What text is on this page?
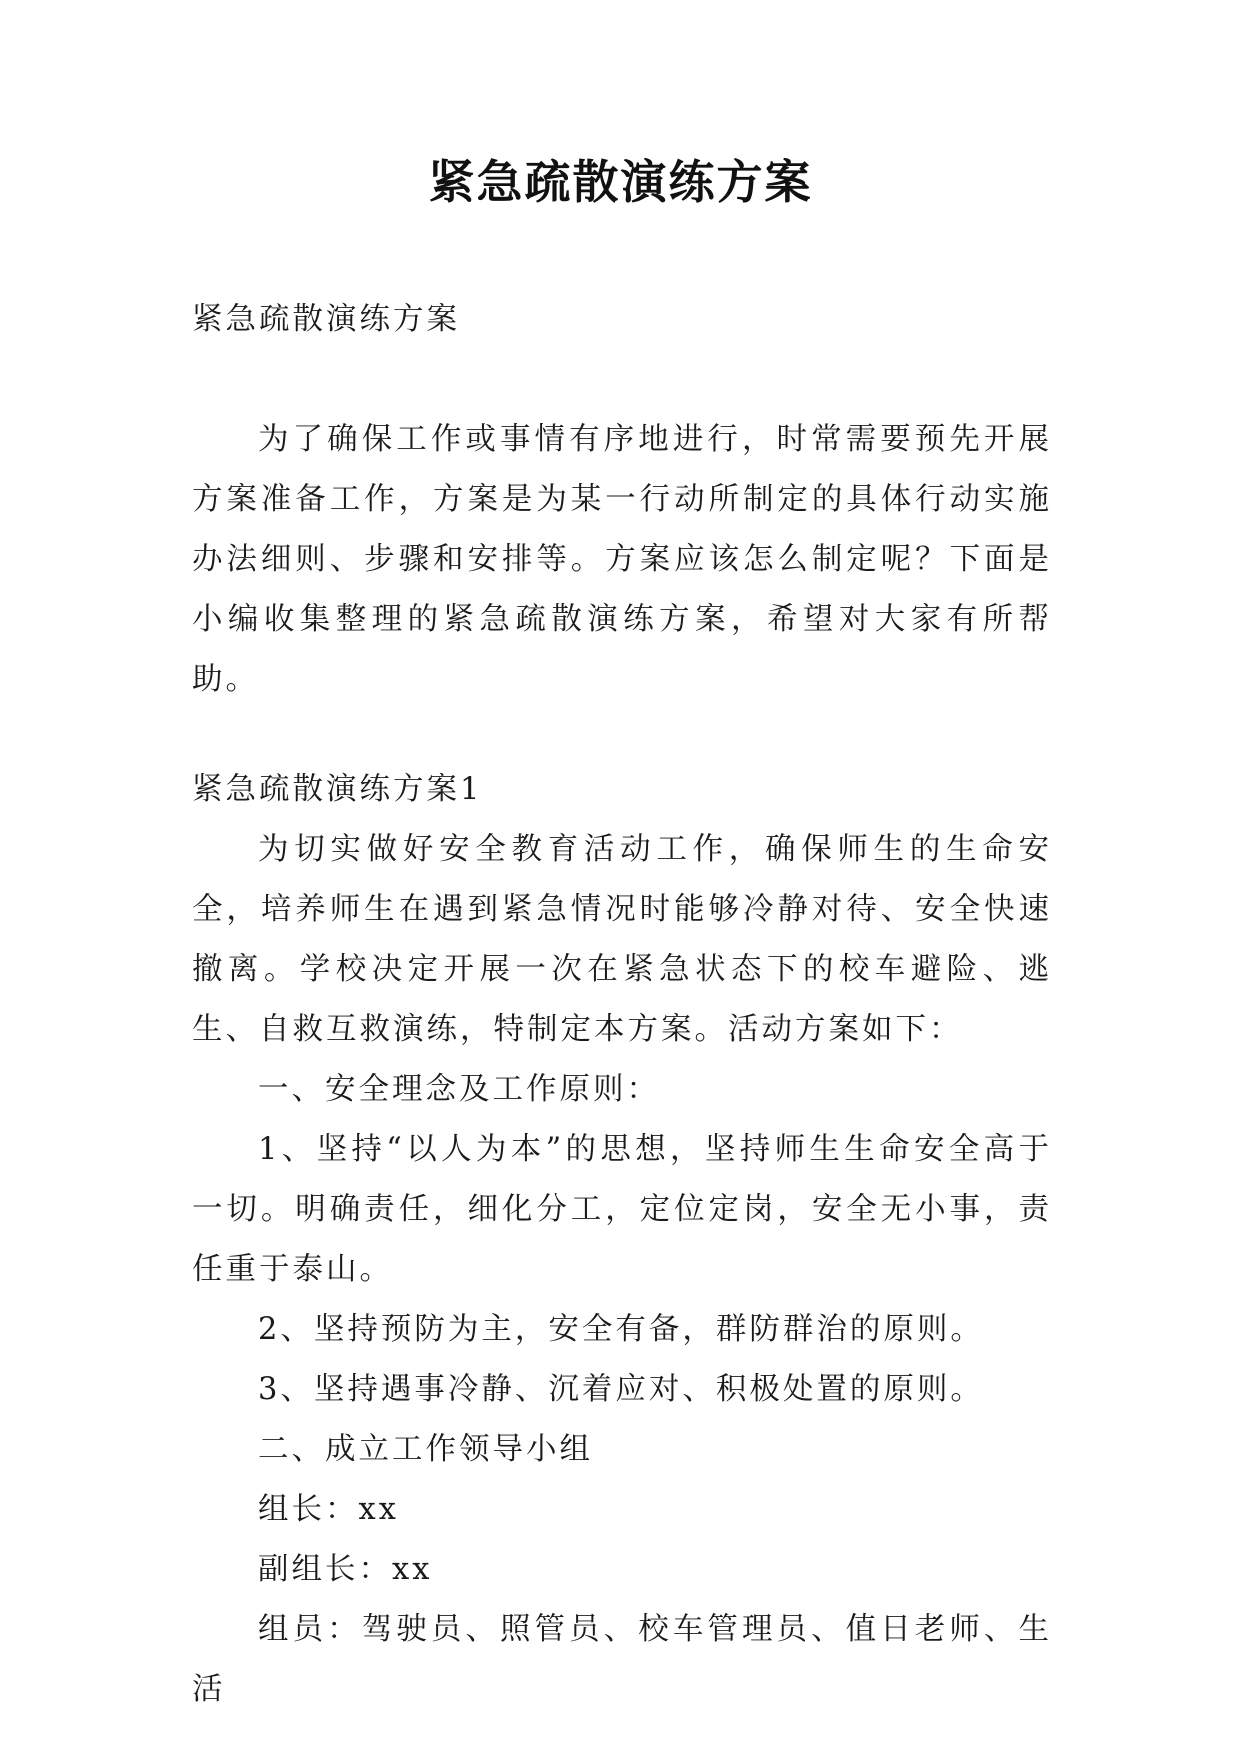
紧急疏散演练方案

紧急疏散演练方案

为了确保工作或事情有序地进行，时常需要预先开展方案准备工作，方案是为某一行动所制定的具体行动实施办法细则、步骤和安排等。方案应该怎么制定呢？下面是小编收集整理的紧急疏散演练方案，希望对大家有所帮助。

紧急疏散演练方案1

为切实做好安全教育活动工作，确保师生的生命安全，培养师生在遇到紧急情况时能够冷静对待、安全快速撤离。学校决定开展一次在紧急状态下的校车避险、逃生、自救互救演练，特制定本方案。活动方案如下：

一、安全理念及工作原则：

1、坚持“以人为本”的思想，坚持师生生命安全高于一切。明确责任，细化分工，定位定岗，安全无小事，责任重于泰山。

2、坚持预防为主，安全有备，群防群治的原则。

3、坚持遇事冷静、沉着应对、积极处置的原则。

二、成立工作领导小组

组长：xx

副组长：xx

组员：驾驶员、照管员、校车管理员、值日老师、生活
